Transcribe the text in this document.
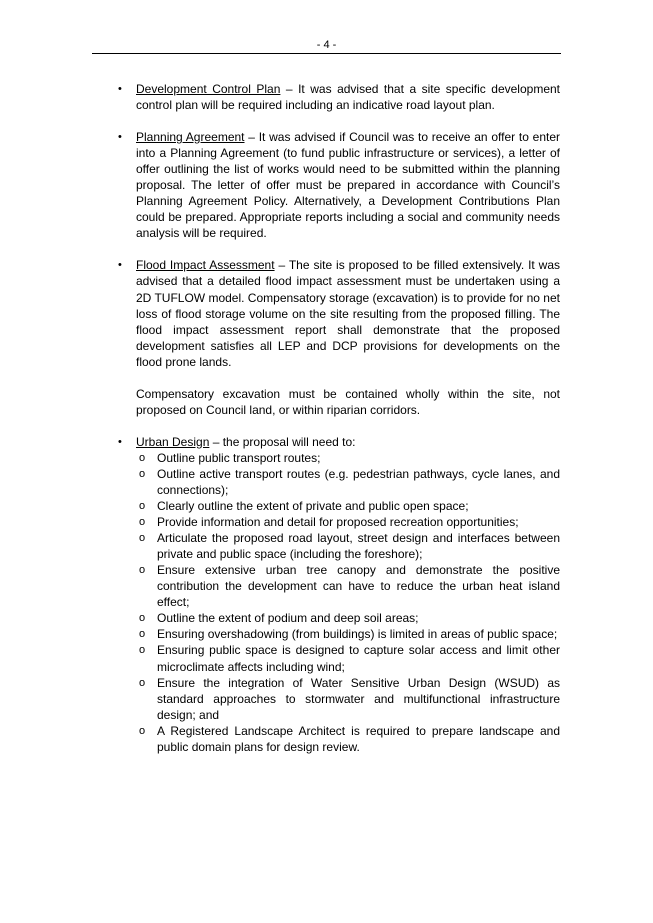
- 4 -
• Development Control Plan – It was advised that a site specific development control plan will be required including an indicative road layout plan.

• Planning Agreement – It was advised if Council was to receive an offer to enter into a Planning Agreement (to fund public infrastructure or services), a letter of offer outlining the list of works would need to be submitted within the planning proposal. The letter of offer must be prepared in accordance with Council’s Planning Agreement Policy. Alternatively, a Development Contributions Plan could be prepared. Appropriate reports including a social and community needs analysis will be required.

• Flood Impact Assessment – The site is proposed to be filled extensively. It was advised that a detailed flood impact assessment must be undertaken using a 2D TUFLOW model. Compensatory storage (excavation) is to provide for no net loss of flood storage volume on the site resulting from the proposed filling. The flood impact assessment report shall demonstrate that the proposed development satisfies all LEP and DCP provisions for developments on the flood prone lands.

Compensatory excavation must be contained wholly within the site, not proposed on Council land, or within riparian corridors.

• Urban Design – the proposal will need to:

o Outline public transport routes;
o Outline active transport routes (e.g. pedestrian pathways, cycle lanes, and connections);
o Clearly outline the extent of private and public open space;
o Provide information and detail for proposed recreation opportunities;
o Articulate the proposed road layout, street design and interfaces between private and public space (including the foreshore);
o Ensure extensive urban tree canopy and demonstrate the positive contribution the development can have to reduce the urban heat island effect;
o Outline the extent of podium and deep soil areas;
o Ensuring overshadowing (from buildings) is limited in areas of public space;
o Ensuring public space is designed to capture solar access and limit other microclimate affects including wind;
o Ensure the integration of Water Sensitive Urban Design (WSUD) as standard approaches to stormwater and multifunctional infrastructure design; and
o A Registered Landscape Architect is required to prepare landscape and public domain plans for design review.
